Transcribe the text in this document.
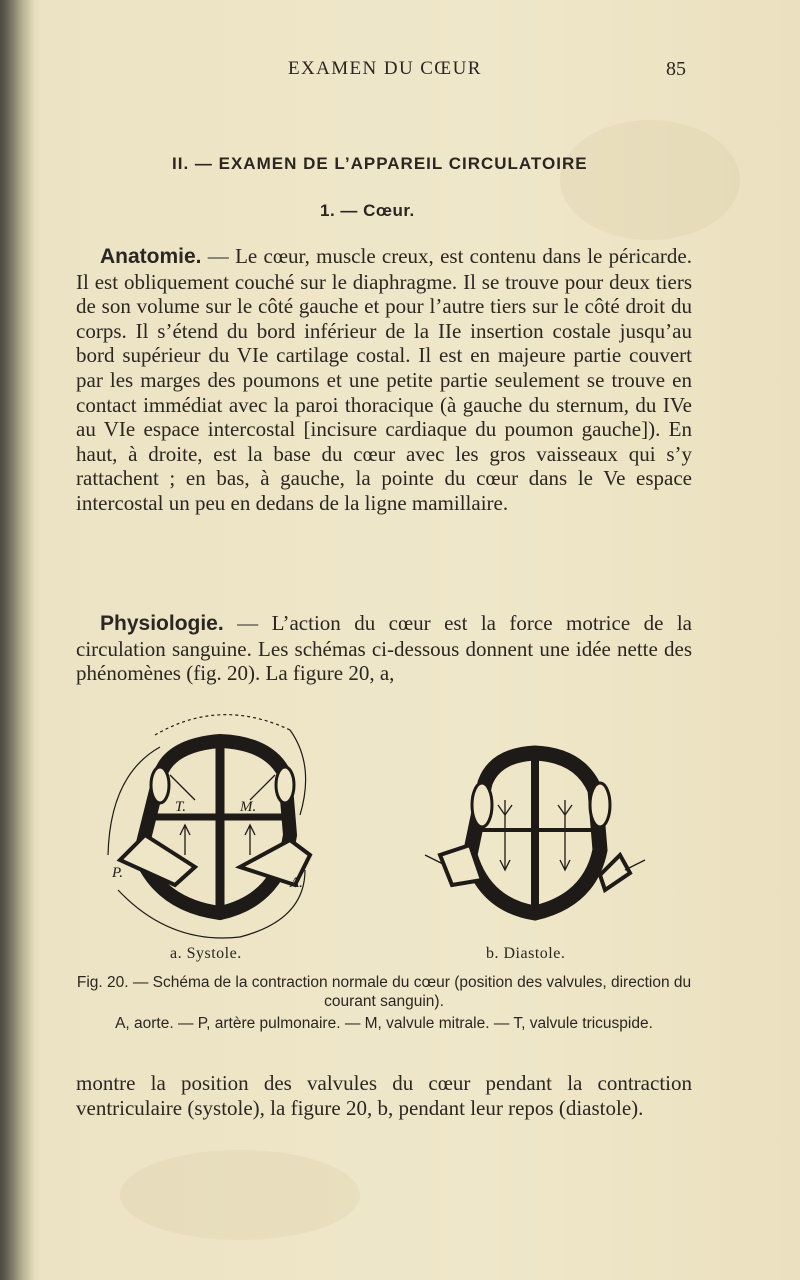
EXAMEN DU CŒUR	85
II. — EXAMEN DE L’APPAREIL CIRCULATOIRE
1. — Cœur.

Anatomie. — Le cœur, muscle creux, est contenu dans le péricarde. Il est obliquement couché sur le diaphragme. Il se trouve pour deux tiers de son volume sur le côté gauche et pour l’autre tiers sur le côté droit du corps. Il s’étend du bord inférieur de la IIe insertion costale jusqu’au bord supérieur du VIe cartilage costal. Il est en majeure partie couvert par les marges des poumons et une petite partie seulement se trouve en contact immédiat avec la paroi thoracique (à gauche du sternum, du IVe au VIe espace intercostal [incisure cardiaque du poumon gauche]). En haut, à droite, est la base du cœur avec les gros vaisseaux qui s’y rattachent ; en bas, à gauche, la pointe du cœur dans le Ve espace intercostal un peu en dedans de la ligne mamillaire.

Physiologie. — L’action du cœur est la force motrice de la circulation sanguine. Les schémas ci-dessous donnent une idée nette des phénomènes (fig. 20). La figure 20, a,

T.	M.
P.
A.
a. Systole.	b. Diastole.

Fig. 20. — Schéma de la contraction normale du cœur (position des valvules, direction du courant sanguin).

A, aorte. — P, artère pulmonaire. — M, valvule mitrale. — T, valvule tricuspide.

montre la position des valvules du cœur pendant la contraction ventriculaire (systole), la figure 20, b, pendant leur repos (diastole).
